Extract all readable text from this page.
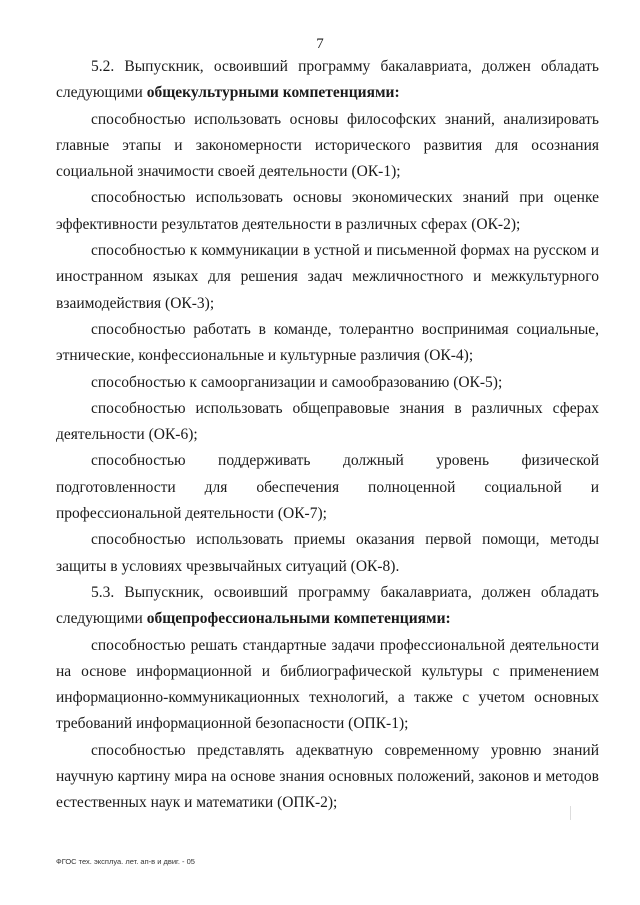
7

5.2. Выпускник, освоивший программу бакалавриата, должен обладать следующими общекультурными компетенциями:

способностью использовать основы философских знаний, анализировать главные этапы и закономерности исторического развития для осознания социальной значимости своей деятельности (ОК-1);

способностью использовать основы экономических знаний при оценке эффективности результатов деятельности в различных сферах (ОК-2);

способностью к коммуникации в устной и письменной формах на русском и иностранном языках для решения задач межличностного и межкультурного взаимодействия (ОК-3);

способностью работать в команде, толерантно воспринимая социальные, этнические, конфессиональные и культурные различия (ОК-4);

способностью к самоорганизации и самообразованию (ОК-5);

способностью использовать общеправовые знания в различных сферах деятельности (ОК-6);

способностью поддерживать должный уровень физической подготовленности для обеспечения полноценной социальной и профессиональной деятельности (ОК-7);

способностью использовать приемы оказания первой помощи, методы защиты в условиях чрезвычайных ситуаций (ОК-8).

5.3. Выпускник, освоивший программу бакалавриата, должен обладать следующими общепрофессиональными компетенциями:

способностью решать стандартные задачи профессиональной деятельности на основе информационной и библиографической культуры с применением информационно-коммуникационных технологий, а также с учетом основных требований информационной безопасности (ОПК-1);

способностью представлять адекватную современному уровню знаний научную картину мира на основе знания основных положений, законов и методов естественных наук и математики (ОПК-2);

ФГОС тех. эксплуа. лет. ап-в и двиг. - 05
